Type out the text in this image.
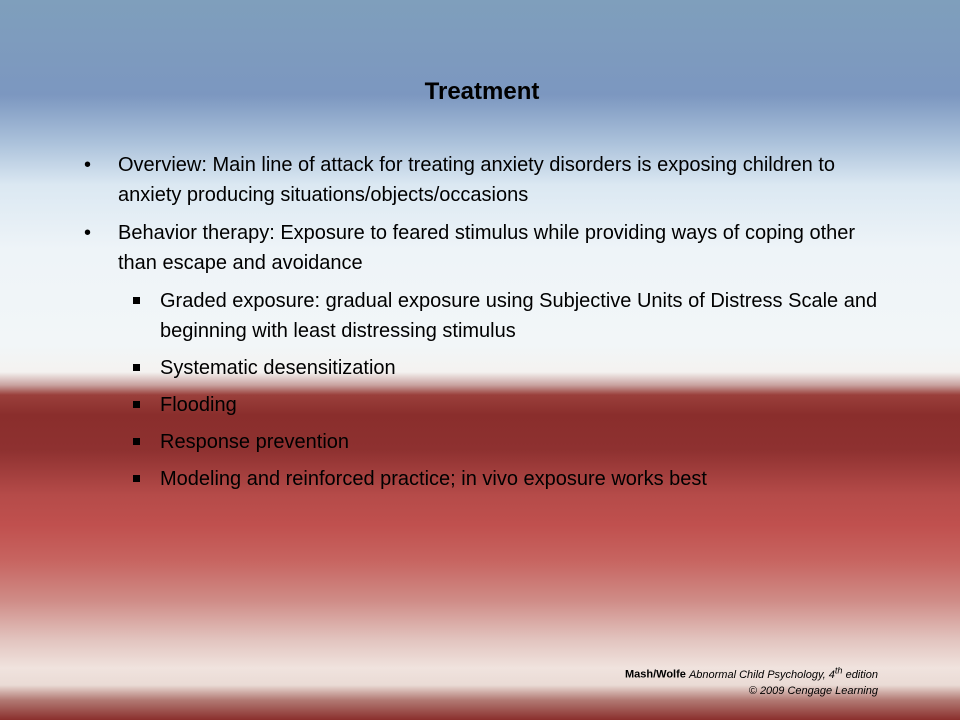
Treatment
• Overview: Main line of attack for treating anxiety disorders is exposing children to anxiety producing situations/objects/occasions
• Behavior therapy: Exposure to feared stimulus while providing ways of coping other than escape and avoidance
Graded exposure: gradual exposure using Subjective Units of Distress Scale and beginning with least distressing stimulus
Systematic desensitization
Flooding
Response prevention
Modeling and reinforced practice; in vivo exposure works best
Mash/Wolfe Abnormal Child Psychology, 4th edition
© 2009 Cengage Learning
